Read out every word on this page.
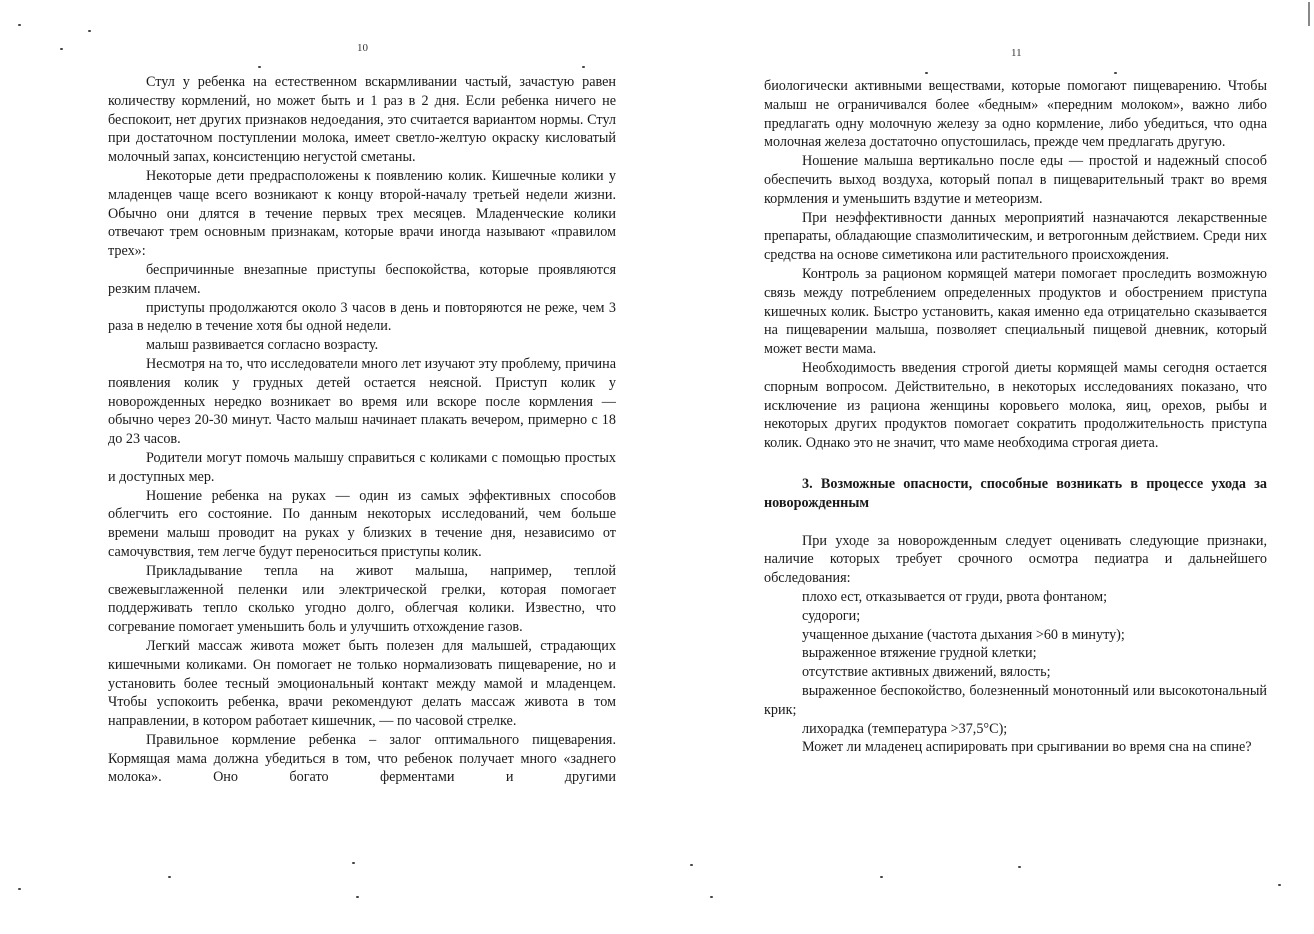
10

Стул у ребенка на естественном вскармливании частый, зачастую равен количеству кормлений, но может быть и 1 раз в 2 дня. Если ребенка ничего не беспокоит, нет других признаков недоедания, это считается вариантом нормы. Стул при достаточном поступлении молока, имеет светло-желтую окраску кисловатый молочный запах, консистенцию негустой сметаны.

Некоторые дети предрасположены к появлению колик. Кишечные колики у младенцев чаще всего возникают к концу второй-началу третьей недели жизни. Обычно они длятся в течение первых трех месяцев. Младенческие колики отвечают трем основным признакам, которые врачи иногда называют «правилом трех»:

беспричинные внезапные приступы беспокойства, которые проявляются резким плачем.

приступы продолжаются около 3 часов в день и повторяются не реже, чем 3 раза в неделю в течение хотя бы одной недели.

малыш развивается согласно возрасту.

Несмотря на то, что исследователи много лет изучают эту проблему, причина появления колик у грудных детей остается неясной. Приступ колик у новорожденных нередко возникает во время или вскоре после кормления — обычно через 20-30 минут. Часто малыш начинает плакать вечером, примерно с 18 до 23 часов.

Родители могут помочь малышу справиться с коликами с помощью простых и доступных мер.

Ношение ребенка на руках — один из самых эффективных способов облегчить его состояние. По данным некоторых исследований, чем больше времени малыш проводит на руках у близких в течение дня, независимо от самочувствия, тем легче будут переноситься приступы колик.

Прикладывание тепла на живот малыша, например, теплой свежевыглаженной пеленки или электрической грелки, которая помогает поддерживать тепло сколько угодно долго, облегчая колики. Известно, что согревание помогает уменьшить боль и улучшить отхождение газов.

Легкий массаж живота может быть полезен для малышей, страдающих кишечными коликами. Он помогает не только нормализовать пищеварение, но и установить более тесный эмоциональный контакт между мамой и младенцем. Чтобы успокоить ребенка, врачи рекомендуют делать массаж живота в том направлении, в котором работает кишечник, — по часовой стрелке.

Правильное кормление ребенка – залог оптимального пищеварения. Кормящая мама должна убедиться в том, что ребенок получает много «заднего молока». Оно богато ферментами и другими

11

биологически активными веществами, которые помогают пищеварению. Чтобы малыш не ограничивался более «бедным» «передним молоком», важно либо предлагать одну молочную железу за одно кормление, либо убедиться, что одна молочная железа достаточно опустошилась, прежде чем предлагать другую.

Ношение малыша вертикально после еды — простой и надежный способ обеспечить выход воздуха, который попал в пищеварительный тракт во время кормления и уменьшить вздутие и метеоризм.

При неэффективности данных мероприятий назначаются лекарственные препараты, обладающие спазмолитическим, и ветрогонным действием. Среди них средства на основе симетикона или растительного происхождения.

Контроль за рационом кормящей матери помогает проследить возможную связь между потреблением определенных продуктов и обострением приступа кишечных колик. Быстро установить, какая именно еда отрицательно сказывается на пищеварении малыша, позволяет специальный пищевой дневник, который может вести мама.

Необходимость введения строгой диеты кормящей мамы сегодня остается спорным вопросом. Действительно, в некоторых исследованиях показано, что исключение из рациона женщины коровьего молока, яиц, орехов, рыбы и некоторых других продуктов помогает сократить продолжительность приступа колик. Однако это не значит, что маме необходима строгая диета.

3. Возможные опасности, способные возникать в процессе ухода за новорожденным

При уходе за новорожденным следует оценивать следующие признаки, наличие которых требует срочного осмотра педиатра и дальнейшего обследования:

плохо ест, отказывается от груди, рвота фонтаном;

судороги;

учащенное дыхание (частота дыхания >60 в минуту);

выраженное втяжение грудной клетки;

отсутствие активных движений, вялость;

выраженное беспокойство, болезненный монотонный или высокотональный крик;

лихорадка (температура >37,5°С);

Может ли младенец аспирировать при срыгивании во время сна на спине?
